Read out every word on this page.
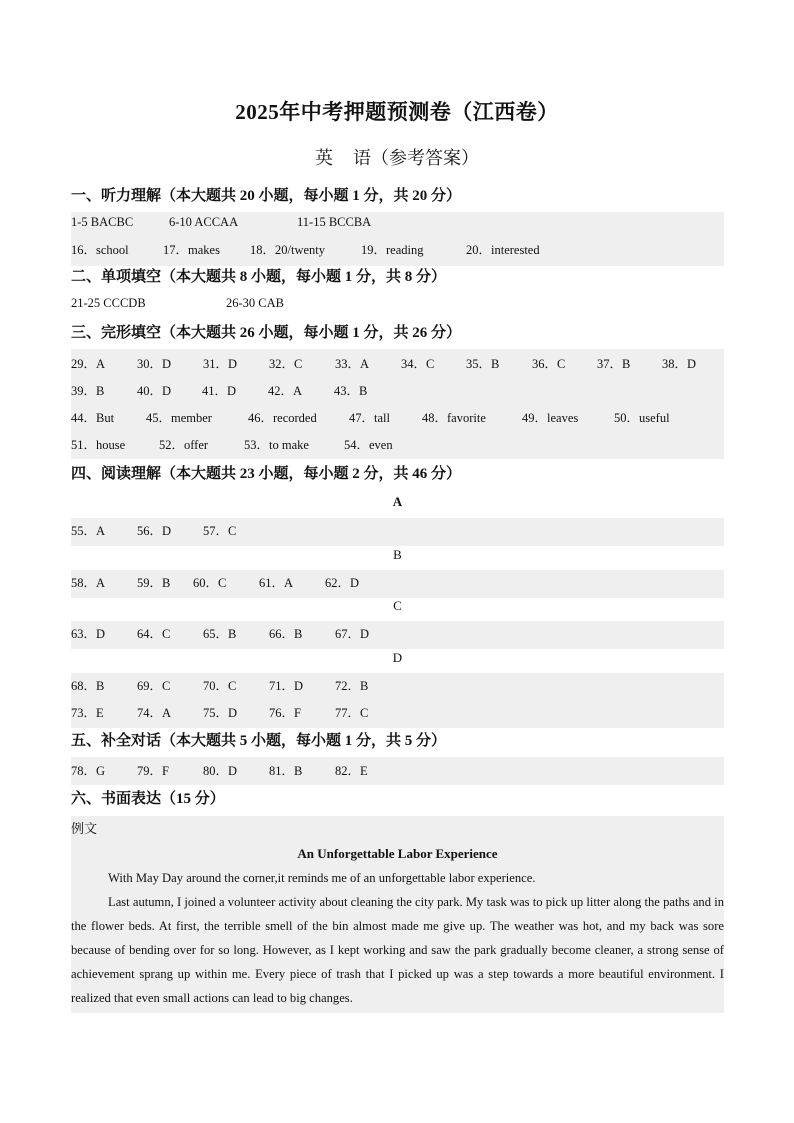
2025年中考押题预测卷（江西卷）
英 语（参考答案）
一、听力理解（本大题共 20 小题，每小题 1 分，共 20 分）
1-5 BACBC	6-10 ACCAA	11-15 BCCBA
16．school	17．makes 18．20/twenty	19．reading	20．interested
二、单项填空（本大题共 8 小题，每小题 1 分，共 8 分）
21-25 CCCDB	26-30 CAB
三、完形填空（本大题共 26 小题，每小题 1 分，共 26 分）
29．A	30．D	31．D	32．C	33．A	34．C	35．B	36．C	37．B	38．D
39．B	40．D 41．D	42．A	43．B
44．But	45．member	46．recorded	47．tall	48．favorite	49．leaves	50．useful
51．house	52．offer	53．to make	54．even
四、阅读理解（本大题共 23 小题，每小题 2 分，共 46 分）
A
55．A	56．D	57．C
B
58．A	59．B 60．C	61．A	62．D
C
63．D	64．C	65．B	66．B	67．D
D
68．B	69．C	70．C	71．D	72．B
73．E	74．A	75．D	76．F	77．C
五、补全对话（本大题共 5 小题，每小题 1 分，共 5 分）
78．G	79．F	80．D	81．B	82．E
六、书面表达（15 分）
例文
An Unforgettable Labor Experience

With May Day around the corner,it reminds me of an unforgettable labor experience.

Last autumn, I joined a volunteer activity about cleaning the city park. My task was to pick up litter along the paths and in the flower beds. At first, the terrible smell of the bin almost made me give up. The weather was hot, and my back was sore because of bending over for so long. However, as I kept working and saw the park gradually become cleaner, a strong sense of achievement sprang up within me. Every piece of trash that I picked up was a step towards a more beautiful environment. I realized that even small actions can lead to big changes.
